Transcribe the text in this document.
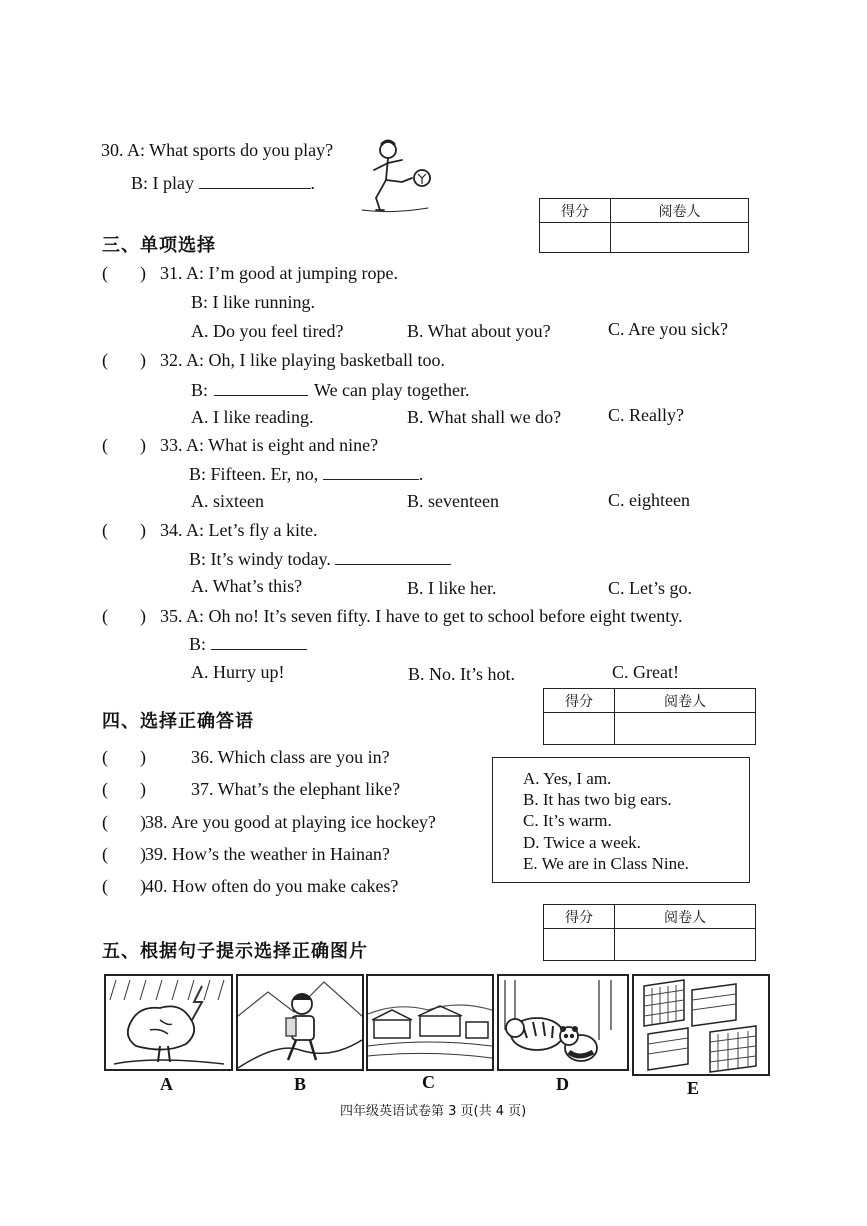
30. A: What sports do you play?
B: I play	.
得分	阅卷人

三、单项选择
( ) 31. A: I’m good at jumping rope.
B: I like running.
A. Do you feel tired?	B. What about you?	C. Are you sick?
( ) 32. A: Oh, I like playing basketball too.
B:	We can play together.
A. I like reading.	B. What shall we do?	C. Really?
( ) 33. A: What is eight and nine?
B: Fifteen. Er, no,	.
A. sixteen	B. seventeen	C. eighteen
( ) 34. A: Let’s fly a kite.
B: It’s windy today.
A. What’s this?	B. I like her.	C. Let’s go.
( ) 35. A: Oh no! It’s seven fifty. I have to get to school before eight twenty.
B:
A. Hurry up!	B. No. It’s hot.	C. Great!
得分	阅卷人

四、选择正确答语
( )	36. Which class are you in?
( )	37. What’s the elephant like?
( ) 38. Are you good at playing ice hockey?
( ) 39. How’s the weather in Hainan?
( ) 40. How often do you make cakes?
A. Yes, I am.
B. It has two big ears.
C. It’s warm.
D. Twice a week.
E. We are in Class Nine.
得分	阅卷人

五、根据句子提示选择正确图片
A	B	C	D	E
四年级英语试卷第 3 页(共 4 页)
